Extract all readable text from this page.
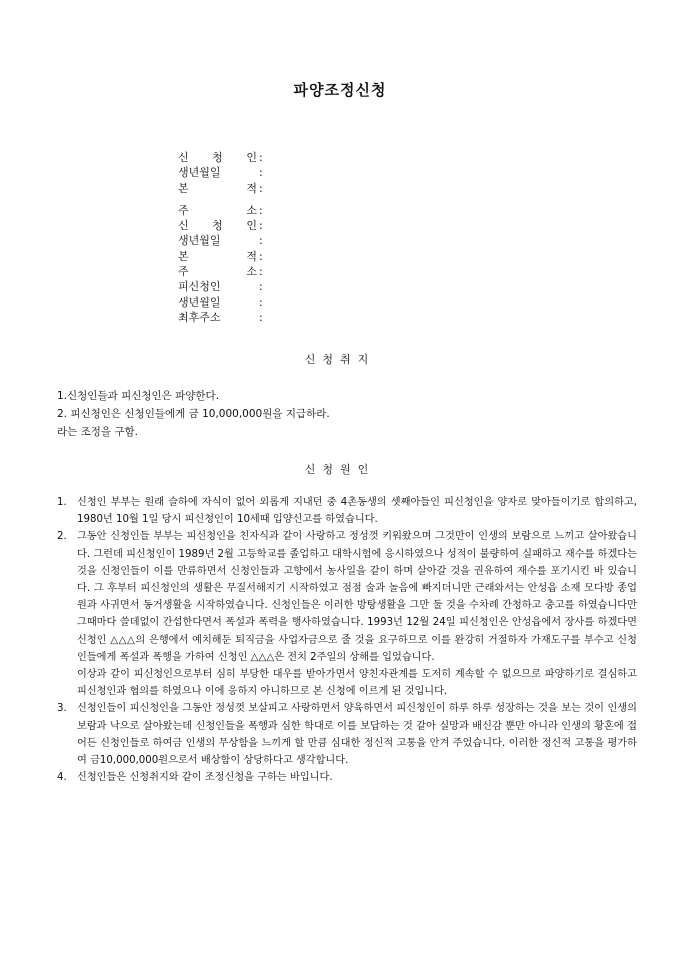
파양조정신청
신 청 인 :
생년월일	:
본 적 :
주 소 :
신 청 인 :
생년월일	:
본 적 :
주 소 :
피신청인	:
생년월일	:
최후주소	:
신청취지
1.신청인들과 피신청인은 파양한다.
2. 피신청인은 신청인들에게 금 10,000,000원을 지급하라.
라는 조정을 구함.
신청원인
1.	신청인 부부는 원래 슬하에 자식이 없어 외롭게 지내던 중 4촌동생의 셋째아들인 피신청인을 양자로 맞아들이기로 합의하고, 1980년 10월 1일 당시 피신청인이 10세때 입양신고를 하였습니다.

2.	그동안 신청인들 부부는 피신청인을 친자식과 같이 사랑하고 정성껏 키워왔으며 그것만이 인생의 보람으로 느끼고 살아왔습니다. 그런데 피신청인이 1989년 2월 고등학교를 졸업하고 대학시험에 응시하였으나 성적이 불량하여 실패하고 재수를 하겠다는 것을 신청인들이 이를 만류하면서 신청인들과 고향에서 농사일을 같이 하며 살아갈 것을 권유하여 재수를 포기시킨 바 있습니다. 그 후부터 피신청인의 생활은 무질서해지기 시작하였고 점점 술과 놀음에 빠지더니만 근래와서는 안성읍 소재 모다방 종업원과 사귀면서 동거생활을 시작하였습니다. 신청인들은 이러한 방탕생활을 그만 둘 것을 수차례 간청하고 충고를 하였습니다만 그때마다 쓸데없이 간섭한다면서 폭설과 폭력을 행사하였습니다. 1993년 12월 24일 피신청인은 안성읍에서 장사를 하겠다면 신청인 △△△의 은행에서 예치해둔 퇴직금을 사업자금으로 줄 것을 요구하므로 이를 완강히 거절하자 가재도구를 부수고 신청인들에게 폭설과 폭행을 가하여 신청인 △△△은 전치 2주일의 상해를 입었습니다.

이상과 같이 피신청인으로부터 심히 부당한 대우를 받아가면서 양친자관계를 도저히 계속할 수 없으므로 파양하기로 결심하고 피신청인과 협의를 하였으나 이에 응하지 아니하므로 본 신청에 이르게 된 것입니다.

3.	신청인들이 피신청인을 그동안 정성껏 보살피고 사랑하면서 양육하면서 피신청인이 하루 하루 성장하는 것을 보는 것이 인생의 보람과 낙으로 살아왔는데 신청인들을 폭행과 심한 학대로 이를 보답하는 것 같아 실망과 배신감 뿐만 아니라 인생의 황혼에 접어든 신청인들로 하여금 인생의 무상함을 느끼게 할 만큼 심대한 정신적 고통을 안겨 주었습니다. 이러한 정신적 고통을 평가하여 금10,000,000원으로서 배상함이 상당하다고 생각합니다.

4.	신청인들은 신청취지와 같이 조정신청을 구하는 바입니다.
